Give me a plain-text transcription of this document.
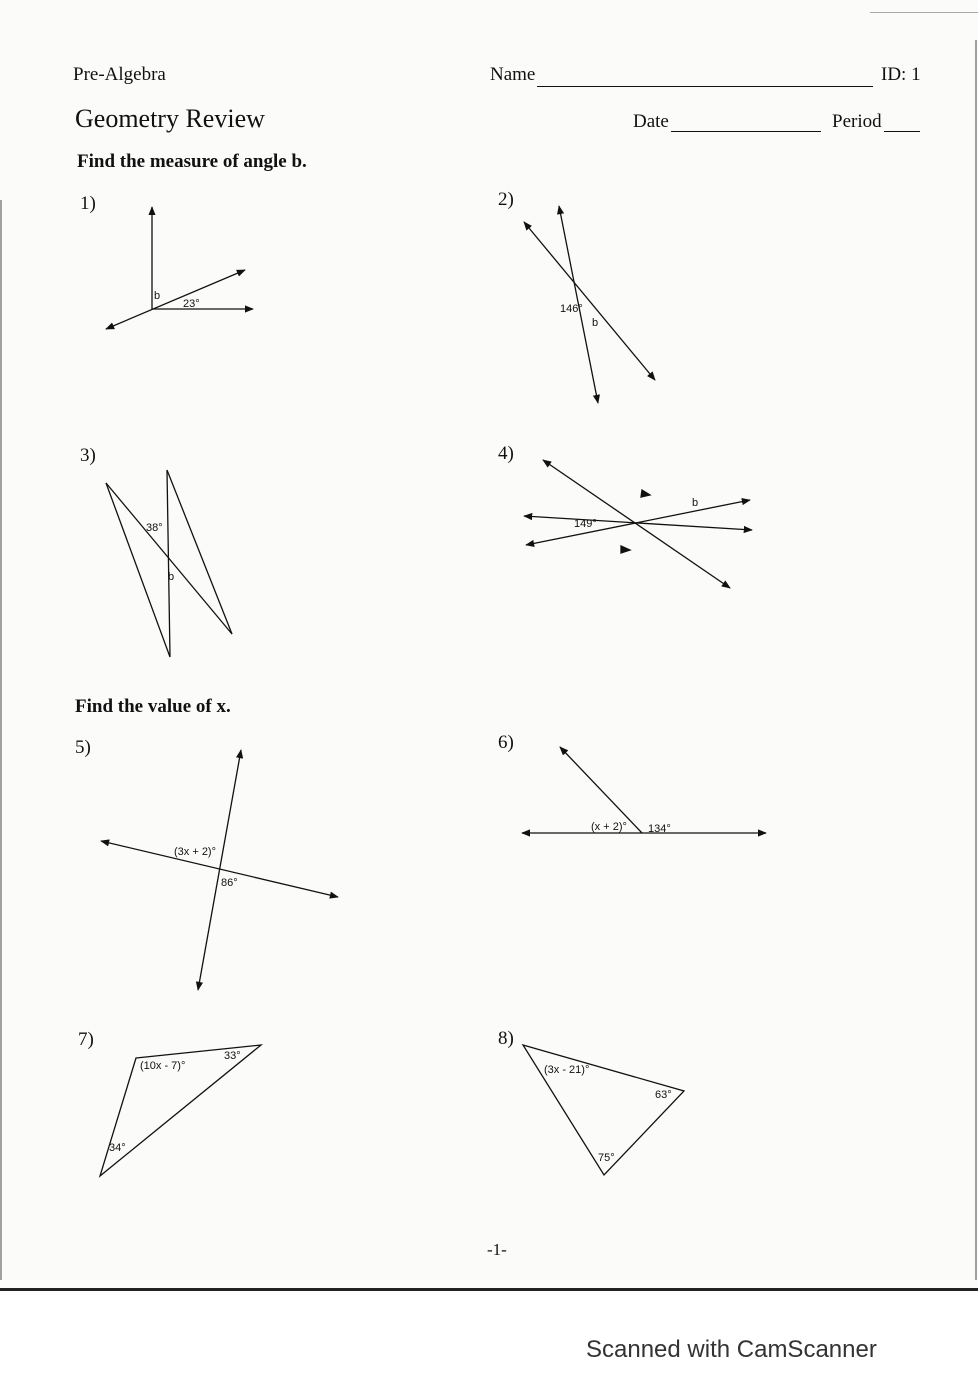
Pre-Algebra
Geometry Review
Name	ID: 1
Date	Period
Find the measure of angle b.
Find the value of x.
1)	2)
3)	4)
5)	6)
7)	8)
b
23°	146°
b
38°
b
b
149°
(3x + 2)°
86°
(x + 2)° 134°
(10x - 7)°
33°
34°
(3x - 21)°
63°
75°
-1-
Scanned with CamScanner
